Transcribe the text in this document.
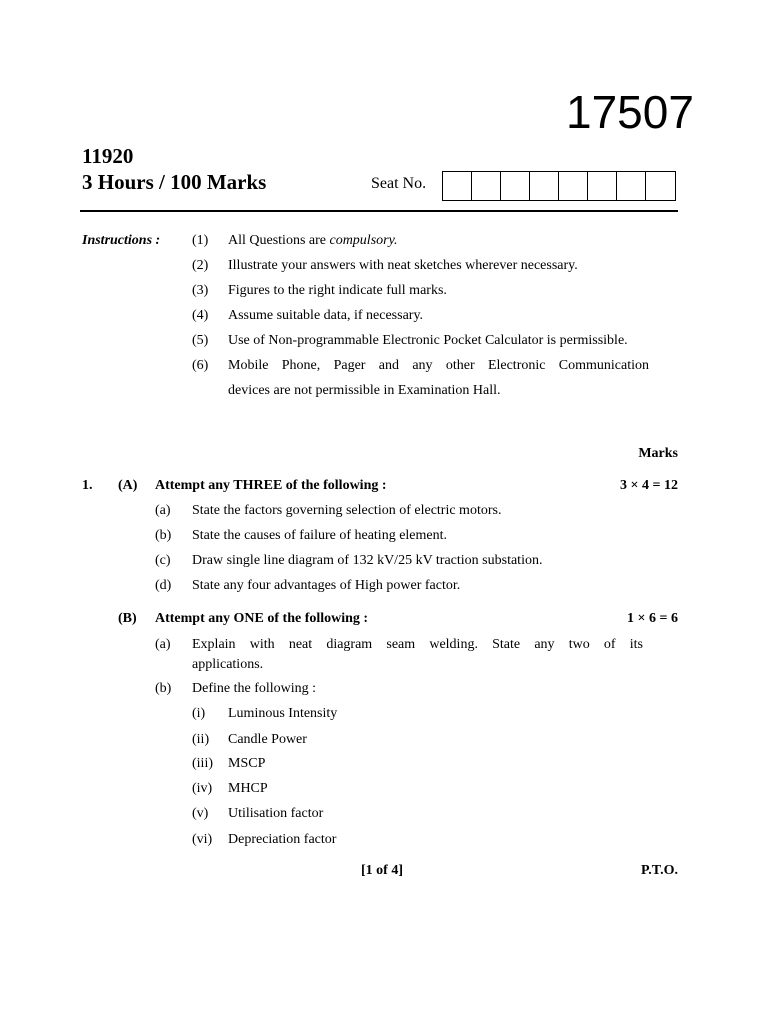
17507
11920
3 Hours / 100 Marks	Seat No.
Instructions : (1) All Questions are compulsory.
(2) Illustrate your answers with neat sketches wherever necessary.
(3) Figures to the right indicate full marks.
(4) Assume suitable data, if necessary.
(5) Use of Non-programmable Electronic Pocket Calculator is permissible.
(6) Mobile Phone, Pager and any other Electronic Communication
devices are not permissible in Examination Hall.
Marks
1. (A) Attempt any THREE of the following :	3 × 4 = 12
(a) State the factors governing selection of electric motors.
(b) State the causes of failure of heating element.
(c) Draw single line diagram of 132 kV/25 kV traction substation.
(d) State any four advantages of High power factor.
(B) Attempt any ONE of the following :	1 × 6 = 6
(a) Explain with neat diagram seam welding. State any two of its
applications.
(b) Define the following :
(i) Luminous Intensity
(ii) Candle Power
(iii) MSCP
(iv) MHCP
(v) Utilisation factor
(vi) Depreciation factor
[1 of 4]	P.T.O.
